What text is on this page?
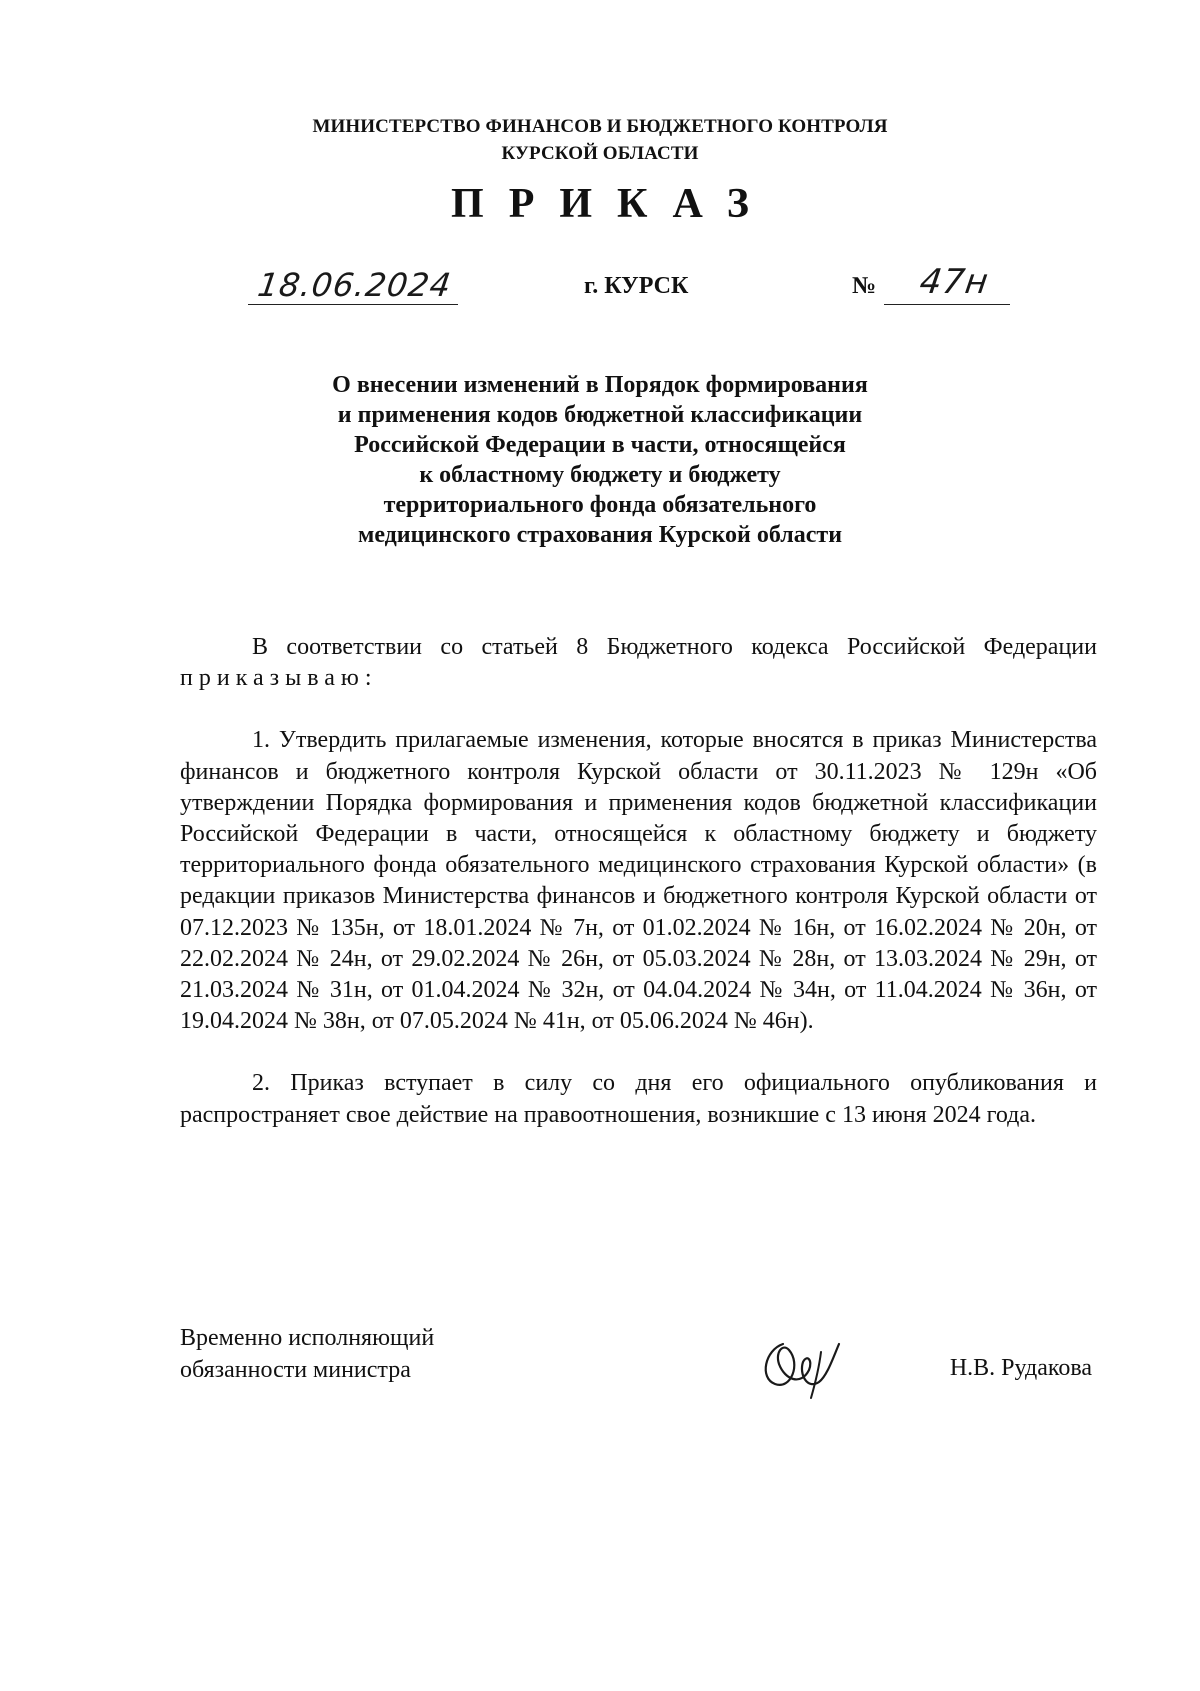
МИНИСТЕРСТВО ФИНАНСОВ И БЮДЖЕТНОГО КОНТРОЛЯ
КУРСКОЙ ОБЛАСТИ
ПРИКАЗ
18.06.2024	г. КУРСК	№ 47н
О внесении изменений в Порядок формирования
и применения кодов бюджетной классификации
Российской Федерации в части, относящейся
к областному бюджету и бюджету
территориального фонда обязательного
медицинского страхования Курской области

В соответствии со статьей 8 Бюджетного кодекса Российской Федерации приказываю:

1. Утвердить прилагаемые изменения, которые вносятся в приказ Министерства финансов и бюджетного контроля Курской области от 30.11.2023 № 129н «Об утверждении Порядка формирования и применения кодов бюджетной классификации Российской Федерации в части, относящейся к областному бюджету и бюджету территориального фонда обязательного медицинского страхования Курской области» (в редакции приказов Министерства финансов и бюджетного контроля Курской области от 07.12.2023 № 135н, от 18.01.2024 № 7н, от 01.02.2024 № 16н, от 16.02.2024 № 20н, от 22.02.2024 № 24н, от 29.02.2024 № 26н, от 05.03.2024 № 28н, от 13.03.2024 № 29н, от 21.03.2024 № 31н, от 01.04.2024 № 32н, от 04.04.2024 № 34н, от 11.04.2024 № 36н, от 19.04.2024 № 38н, от 07.05.2024 № 41н, от 05.06.2024 № 46н).

2. Приказ вступает в силу со дня его официального опубликования и распространяет свое действие на правоотношения, возникшие с 13 июня 2024 года.

Временно исполняющий
обязанности министра	Н.В. Рудакова
